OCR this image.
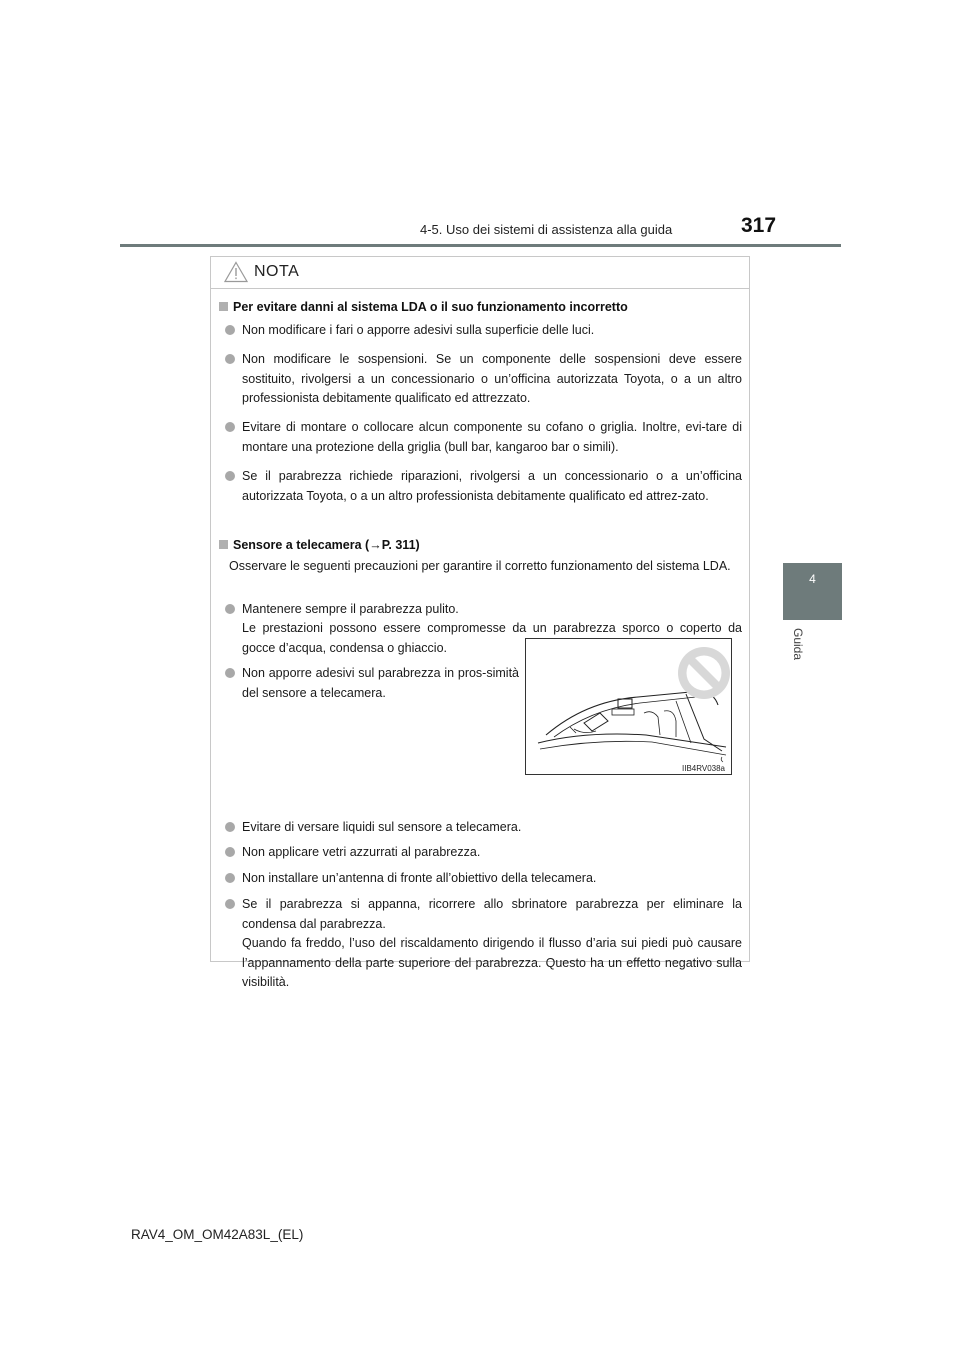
4-5. Uso dei sistemi di assistenza alla guida	317
4
Guida
NOTA
Per evitare danni al sistema LDA o il suo funzionamento incorretto
Non modificare i fari o apporre adesivi sulla superficie delle luci.
Non modificare le sospensioni. Se un componente delle sospensioni deve essere sostituito, rivolgersi a un concessionario o un’officina autorizzata Toyota, o a un altro professionista debitamente qualificato ed attrezzato.
Evitare di montare o collocare alcun componente su cofano o griglia. Inoltre, evi-tare di montare una protezione della griglia (bull bar, kangaroo bar o simili).
Se il parabrezza richiede riparazioni, rivolgersi a un concessionario o a un’officina autorizzata Toyota, o a un altro professionista debitamente qualificato ed attrez-zato.
Sensore a telecamera (→P. 311)
Osservare le seguenti precauzioni per garantire il corretto funzionamento del sistema LDA.
Mantenere sempre il parabrezza pulito.
Le prestazioni possono essere compromesse da un parabrezza sporco o coperto da gocce d’acqua, condensa o ghiaccio.
Non apporre adesivi sul parabrezza in pros-simità del sensore a telecamera.
Evitare di versare liquidi sul sensore a telecamera.
Non applicare vetri azzurrati al parabrezza.
Non installare un’antenna di fronte all’obiettivo della telecamera.
Se il parabrezza si appanna, ricorrere allo sbrinatore parabrezza per eliminare la condensa dal parabrezza.
Quando fa freddo, l’uso del riscaldamento dirigendo il flusso d’aria sui piedi può causare l’appannamento della parte superiore del parabrezza. Questo ha un effetto negativo sulla visibilità.
IIB4RV038a
RAV4_OM_OM42A83L_(EL)
